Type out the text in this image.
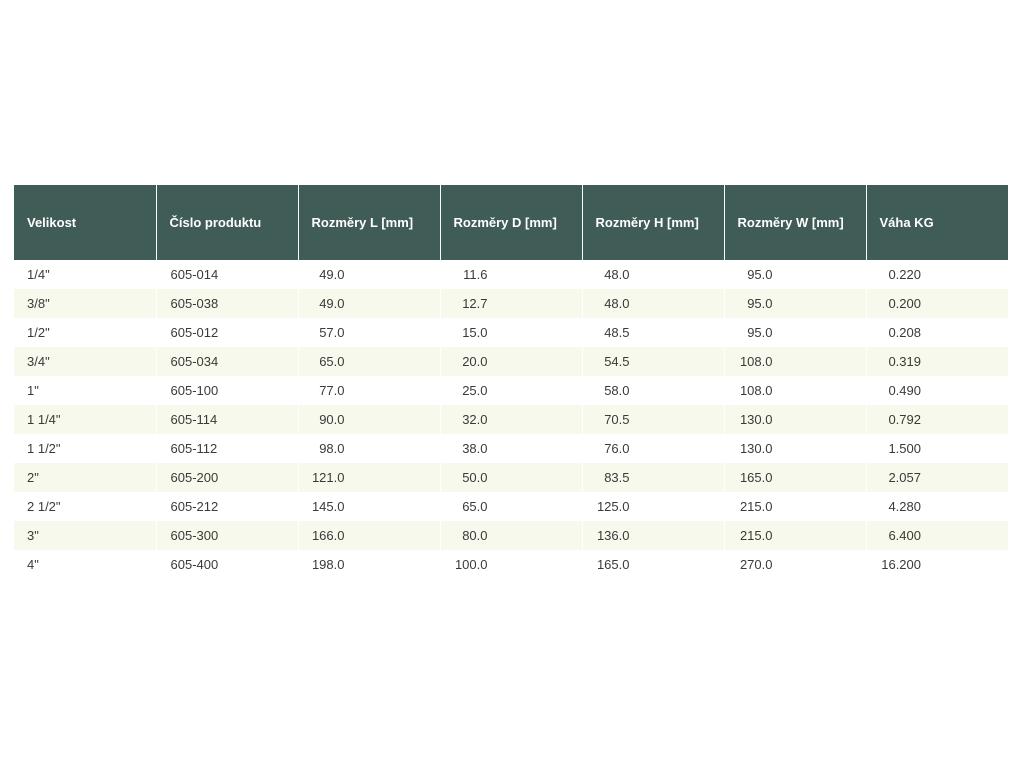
Velikost	Číslo produktu	Rozměry L [mm]	Rozměry D [mm]	Rozměry H [mm]	Rozměry W [mm]	Váha KG
1/4"	605-014	49.0	11.6	48.0	95.0	0.220
3/8"	605-038	49.0	12.7	48.0	95.0	0.200
1/2"	605-012	57.0	15.0	48.5	95.0	0.208
3/4"	605-034	65.0	20.0	54.5	108.0	0.319
1"	605-100	77.0	25.0	58.0	108.0	0.490
1 1/4"	605-114	90.0	32.0	70.5	130.0	0.792
1 1/2"	605-112	98.0	38.0	76.0	130.0	1.500
2"	605-200	121.0	50.0	83.5	165.0	2.057
2 1/2"	605-212	145.0	65.0	125.0	215.0	4.280
3"	605-300	166.0	80.0	136.0	215.0	6.400
4"	605-400	198.0	100.0	165.0	270.0	16.200
